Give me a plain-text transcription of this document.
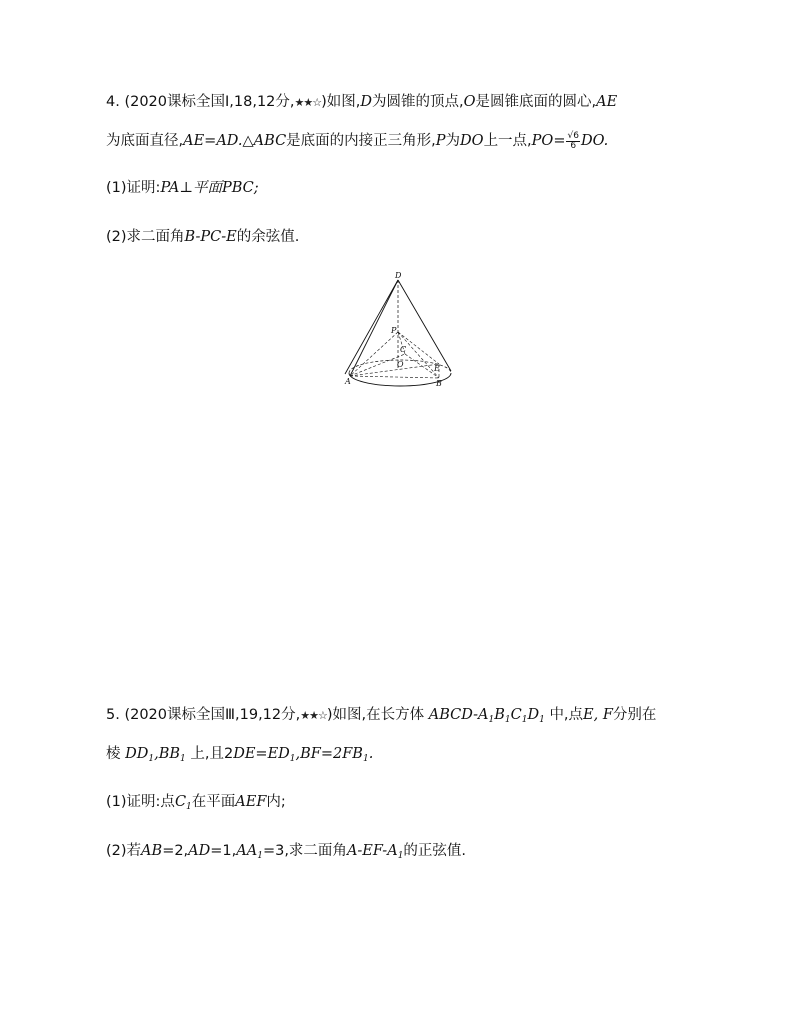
4. (2020课标全国Ⅰ,18,12分,★★☆)如图,D为圆锥的顶点,O是圆锥底面的圆心,AE
为底面直径,AE=AD.△ABC是底面的内接正三角形,P为DO上一点$,PO= \frac{√6}{6}$ DO.
(1)证明:PA⊥平面PBC;
(2)求二面角B-PC-E的余弦值.
D
P
C
O
A
E
B
5. (2020课标全国Ⅲ,19,12分,★★☆)如图,在长方体 ABCD-$A_1B_1C_1D_1$ 中,点E, F分别在
棱 $DD_1,BB_1$ 上,且$2DE=ED_1,BF=2FB_1$.
(1)证明:点$C_1$在平面AEF内;
(2)若$AB=2,AD=1,AA_1=3$,求二面角$A-EF-A_1$的正弦值.
